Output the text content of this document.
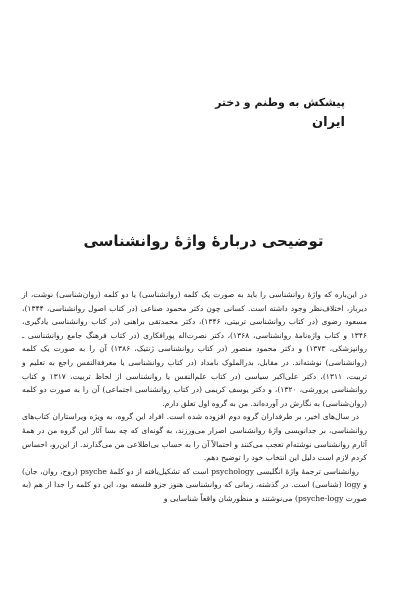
پیشکش به وطنم و دختر
ایران
توضیحی دربارۀ واژۀ روانشناسی

در این‌باره که واژۀ روانشناسی را باید به صورت یک کلمه (روانشناسی) یا دو کلمه (روان‌شناسی) نوشت، از دیرباز، اختلاف‌نظر وجود داشته است. کسانی چون دکتر محمود صناعی (در کتاب اصول روانشناسی، ۱۳۴۴)، مسعود رضوی (در کتاب روانشناسی تربیتی، ۱۳۴۶)، دکتر محمدتقی براهنی (در کتاب روانشناسی یادگیری، ۱۳۴۶ و کتاب واژه‌نامۀ روانشناسی، ۱۳۶۸)، دکتر نصرت‌اله پورافکاری (در کتاب فرهنگ جامع روانشناسی ـ روانپزشکی، ۱۳۷۳) و دکتر محمود منصور (در کتاب روانشناسی ژنتیک، ۱۳۸۶) آن را به صورت یک کلمه (روانشناسی) نوشته‌اند. در مقابل، بدرالملوک بامداد (در کتاب روانشناسی یا معرفةالنفس راجع به تعلیم و تربیت، ۱۳۱۱)، دکتر علی‌اکبر سیاسی (در کتاب علم‌النفس یا روانشناسی از لحاظ تربیت، ۱۳۱۷ و کتاب روانشناسی پرورشی، ۱۳۲۰)، و دکتر یوسف کریمی (در کتاب روانشناسی اجتماعی) آن را به صورت دو کلمه (روان‌شناسی) به نگارش در آورده‌اند. من به گروه اول تعلق دارم.

در سال‌های اخیر، بر طرفداران گروه دوم افزوده شده است. افراد این گروه، به ویژه ویراستاران کتاب‌های روانشناسی، بر جدانویسی واژۀ روانشناسی اصرار می‌ورزند، به گونه‌ای که چه بسا آثار این گروه من در همۀ آثارم روانشناسی نوشته‌ام تعجب می‌کنند و احتمالاً آن را به حساب بی‌اطلاعی من می‌گذارند. از این‌رو، احساس کردم لازم است دلیل این انتخاب خود را توضیح دهم.

روانشناسی ترجمۀ واژۀ انگلیسی psychology است که تشکیل‌یافته از دو کلمۀ psyche (روح، روان، جان) و logy (شناسی) است. در گذشته، زمانی که روانشناسی هنوز جزو فلسفه بود، این دو کلمه را جدا از هم (به صورت psyche-logy) می‌نوشتند و منظورشان واقعاً شناسایی و
